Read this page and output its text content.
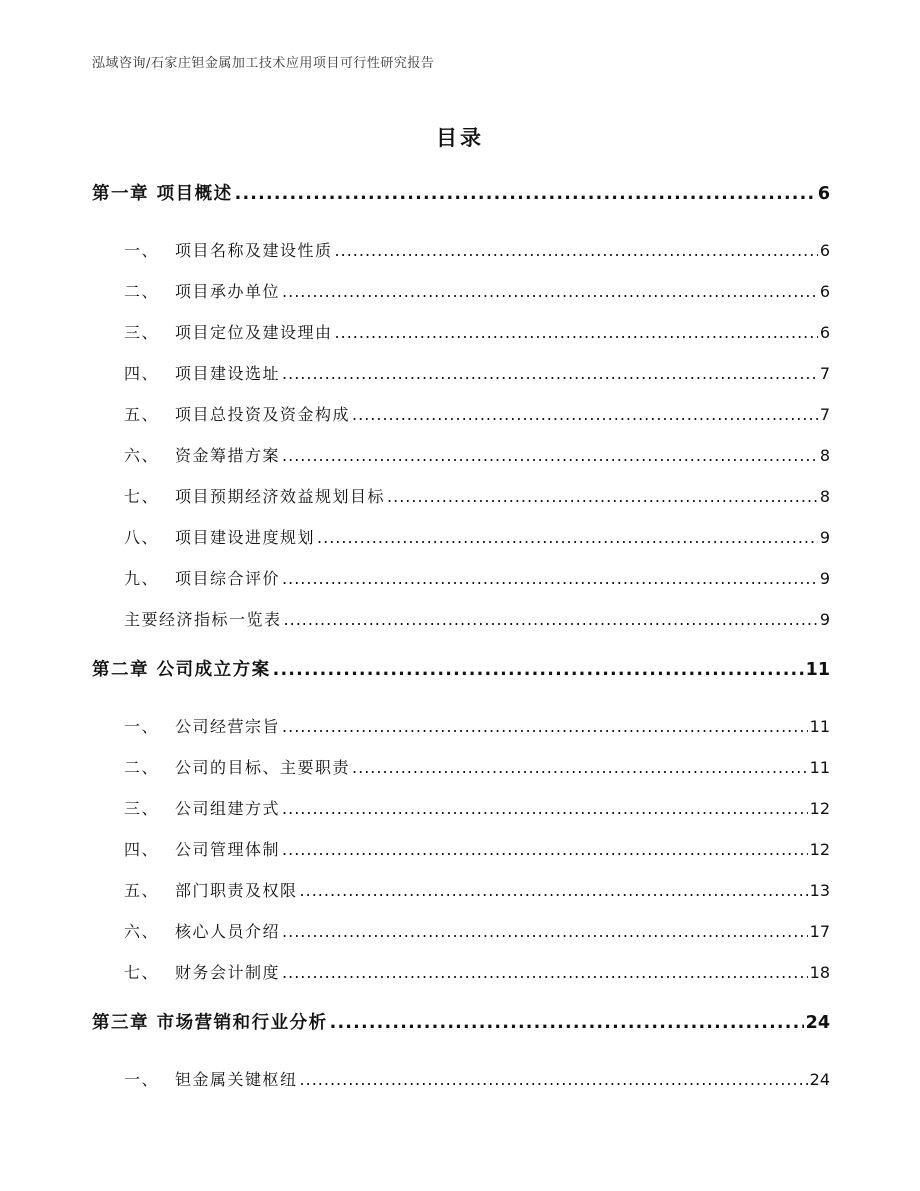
泓域咨询/石家庄钽金属加工技术应用项目可行性研究报告
目录
第一章 项目概述 .....	6
一、 项目名称及建设性质 .....	6
二、 项目承办单位 .....	6
三、 项目定位及建设理由 .....	6
四、 项目建设选址 .....	7
五、 项目总投资及资金构成 .....	7
六、 资金筹措方案 .....	8
七、 项目预期经济效益规划目标 .....	8
八、 项目建设进度规划 .....	9
九、 项目综合评价 .....	9
主要经济指标一览表 .....	9
第二章 公司成立方案 .....	11
一、 公司经营宗旨 .....	11
二、 公司的目标、主要职责 .....	11
三、 公司组建方式 .....	12
四、 公司管理体制 .....	12
五、 部门职责及权限 .....	13
六、 核心人员介绍 .....	17
七、 财务会计制度 .....	18
第三章 市场营销和行业分析 .....	24
一、 钽金属关键枢纽 .....	24
